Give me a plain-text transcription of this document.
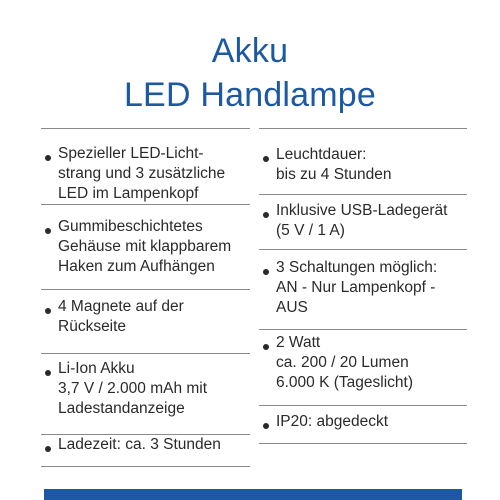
Akku
LED Handlampe
Spezieller LED-Licht-
strang und 3 zusätzliche
LED im Lampenkopf
Gummibeschichtetes
Gehäuse mit klappbarem
Haken zum Aufhängen
4 Magnete auf der
Rückseite
Li-Ion Akku
3,7 V / 2.000 mAh mit
Ladestandanzeige
Ladezeit: ca. 3 Stunden
Leuchtdauer:
bis zu 4 Stunden
Inklusive USB-Ladegerät
(5 V / 1 A)
3 Schaltungen möglich:
AN - Nur Lampenkopf -
AUS
2 Watt
ca. 200 / 20 Lumen
6.000 K (Tageslicht)
IP20: abgedeckt
